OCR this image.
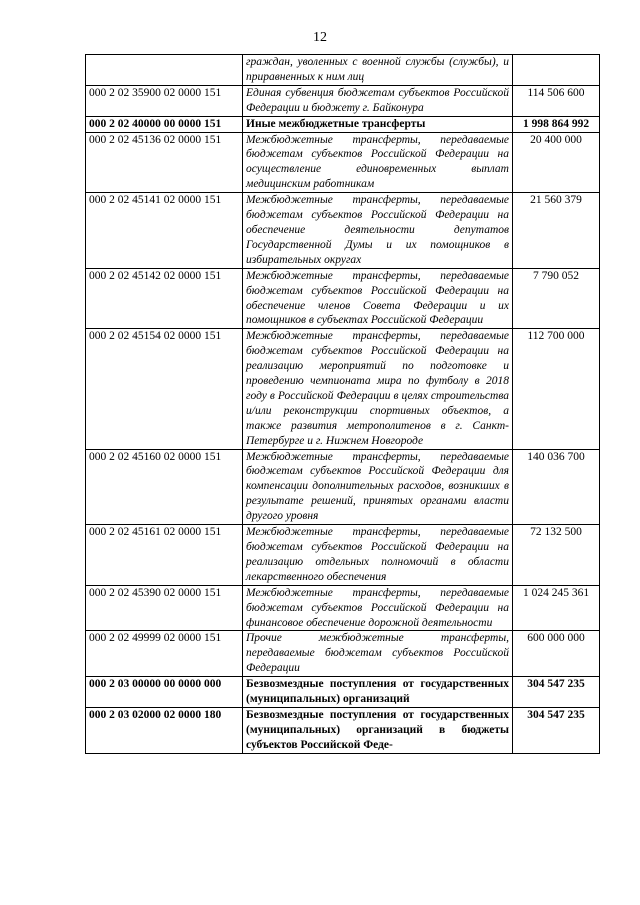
12
	граждан, уволенных с военной службы (службы), и приравненных к ним лиц	
000 2 02 35900 02 0000 151	Единая субвенция бюджетам субъектов Российской Федерации и бюджету г. Байконура	114 506 600
000 2 02 40000 00 0000 151	Иные межбюджетные трансферты	1 998 864 992
000 2 02 45136 02 0000 151	Межбюджетные трансферты, передаваемые бюджетам субъектов Российской Федерации на осуществление единовременных выплат медицинским работникам	20 400 000
000 2 02 45141 02 0000 151	Межбюджетные трансферты, передаваемые бюджетам субъектов Российской Федерации на обеспечение деятельности депутатов Государственной Думы и их помощников в избирательных округах	21 560 379
000 2 02 45142 02 0000 151	Межбюджетные трансферты, передаваемые бюджетам субъектов Российской Федерации на обеспечение членов Совета Федерации и их помощников в субъектах Российской Федерации	7 790 052
000 2 02 45154 02 0000 151	Межбюджетные трансферты, передаваемые бюджетам субъектов Российской Федерации на реализацию мероприятий по подготовке и проведению чемпионата мира по футболу в 2018 году в Российской Федерации в целях строительства и/или реконструкции спортивных объектов, а также развития метрополитенов в г. Санкт-Петербурге и г. Нижнем Новгороде	112 700 000
000 2 02 45160 02 0000 151	Межбюджетные трансферты, передаваемые бюджетам субъектов Российской Федерации для компенсации дополнительных расходов, возникших в результате решений, принятых органами власти другого уровня	140 036 700
000 2 02 45161 02 0000 151	Межбюджетные трансферты, передаваемые бюджетам субъектов Российской Федерации на реализацию отдельных полномочий в области лекарственного обеспечения	72 132 500
000 2 02 45390 02 0000 151	Межбюджетные трансферты, передаваемые бюджетам субъектов Российской Федерации на финансовое обеспечение дорожной деятельности	1 024 245 361
000 2 02 49999 02 0000 151	Прочие межбюджетные трансферты, передаваемые бюджетам субъектов Российской Федерации	600 000 000
000 2 03 00000 00 0000 000	Безвозмездные поступления от государственных (муниципальных) организаций	304 547 235
000 2 03 02000 02 0000 180	Безвозмездные поступления от государственных (муниципальных) организаций в бюджеты субъектов Российской Феде-	304 547 235
